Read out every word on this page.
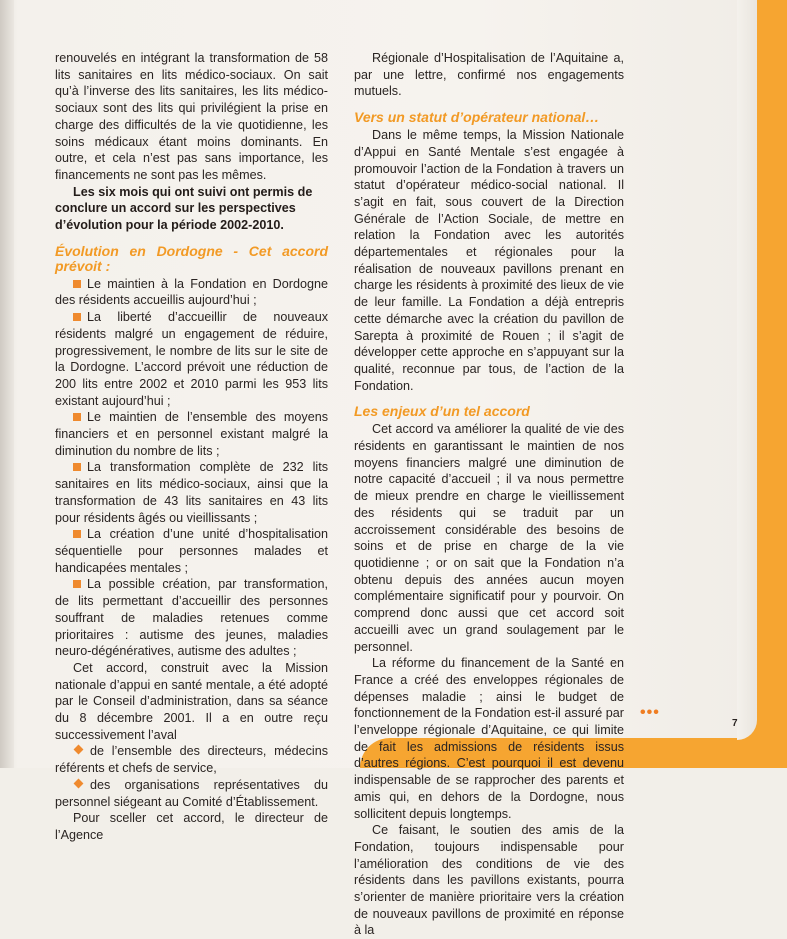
renouvelés en intégrant la transformation de 58 lits sanitaires en lits médico-sociaux. On sait qu’à l’inverse des lits sanitaires, les lits médico-sociaux sont des lits qui privilégient la prise en charge des difficultés de la vie quotidienne, les soins médicaux étant moins dominants. En outre, et cela n’est pas sans importance, les financements ne sont pas les mêmes.

Les six mois qui ont suivi ont permis de conclure un accord sur les perspectives d’évolution pour la période 2002-2010.

Évolution en Dordogne - Cet accord prévoit :

Le maintien à la Fondation en Dordogne des résidents accueillis aujourd’hui ;

La liberté d’accueillir de nouveaux résidents malgré un engagement de réduire, progressivement, le nombre de lits sur le site de la Dordogne. L’accord prévoit une réduction de 200 lits entre 2002 et 2010 parmi les 953 lits existant aujourd’hui ;

Le maintien de l’ensemble des moyens financiers et en personnel existant malgré la diminution du nombre de lits ;

La transformation complète de 232 lits sanitaires en lits médico-sociaux, ainsi que la transformation de 43 lits sanitaires en 43 lits pour résidents âgés ou vieillissants ;

La création d’une unité d’hospitalisation séquentielle pour personnes malades et handicapées mentales ;

La possible création, par transformation, de lits permettant d’accueillir des personnes souffrant de maladies retenues comme prioritaires : autisme des jeunes, maladies neuro-dégénératives, autisme des adultes ;

Cet accord, construit avec la Mission nationale d’appui en santé mentale, a été adopté par le Conseil d’administration, dans sa séance du 8 décembre 2001. Il a en outre reçu successivement l’aval

de l’ensemble des directeurs, médecins référents et chefs de service,

des organisations représentatives du personnel siégeant au Comité d’Établissement.

Pour sceller cet accord, le directeur de l’Agence

Régionale d’Hospitalisation de l’Aquitaine a, par une lettre, confirmé nos engagements mutuels.

Vers un statut d’opérateur national…

Dans le même temps, la Mission Nationale d’Appui en Santé Mentale s’est engagée à promouvoir l’action de la Fondation à travers un statut d’opérateur médico-social national. Il s’agit en fait, sous couvert de la Direction Générale de l’Action Sociale, de mettre en relation la Fondation avec les autorités départementales et régionales pour la réalisation de nouveaux pavillons prenant en charge les résidents à proximité des lieux de vie de leur famille. La Fondation a déjà entrepris cette démarche avec la création du pavillon de Sarepta à proximité de Rouen ; il s’agit de développer cette approche en s’appuyant sur la qualité, reconnue par tous, de l’action de la Fondation.

Les enjeux d’un tel accord

Cet accord va améliorer la qualité de vie des résidents en garantissant le maintien de nos moyens financiers malgré une diminution de notre capacité d’accueil ; il va nous permettre de mieux prendre en charge le vieillissement des résidents qui se traduit par un accroissement considérable des besoins de soins et de prise en charge de la vie quotidienne ; or on sait que la Fondation n’a obtenu depuis des années aucun moyen complémentaire significatif pour y pourvoir. On comprend donc aussi que cet accord soit accueilli avec un grand soulagement par le personnel.

La réforme du financement de la Santé en France a créé des enveloppes régionales de dépenses maladie ; ainsi le budget de fonctionnement de la Fondation est-il assuré par l’enveloppe régionale d’Aquitaine, ce qui limite de fait les admissions de résidents issus d’autres régions. C’est pourquoi il est devenu indispensable de se rapprocher des parents et amis qui, en dehors de la Dordogne, nous sollicitent depuis longtemps.

Ce faisant, le soutien des amis de la Fondation, toujours indispensable pour l’amélioration des conditions de vie des résidents dans les pavillons existants, pourra s’orienter de manière prioritaire vers la création de nouveaux pavillons de proximité en réponse à la

•••
7
